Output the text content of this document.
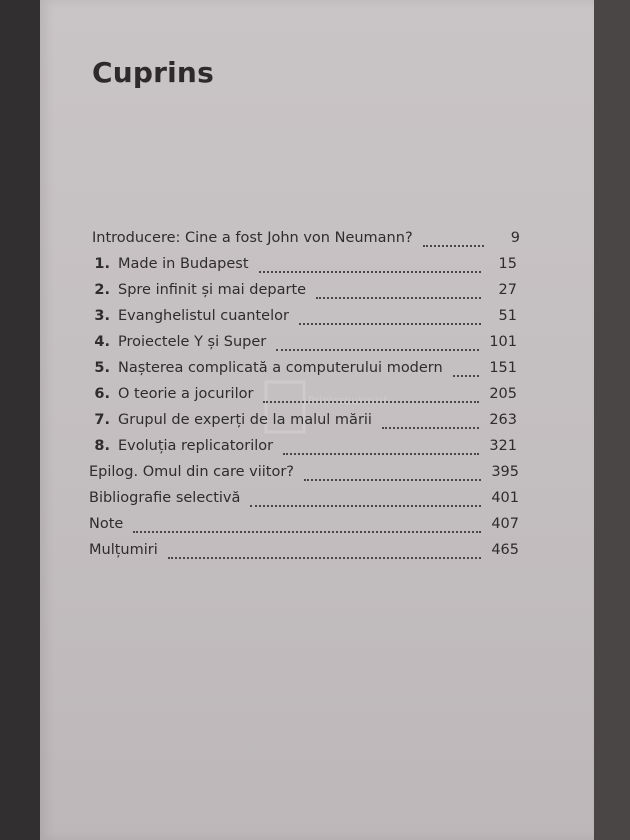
Cuprins
Printrebukinist
Introducere: Cine a fost John von Neumann?	9
1. Made in Budapest	15
2. Spre infinit și mai departe	27
3. Evanghelistul cuantelor	51
4. Proiectele Y și Super	101
5. Nașterea complicată a computerului modern	151
6. O teorie a jocurilor	205
7. Grupul de experți de la malul mării	263
8. Evoluția replicatorilor	321
Epilog. Omul din care viitor?	395
Bibliografie selectivă	401
Note	407
Mulțumiri	465
